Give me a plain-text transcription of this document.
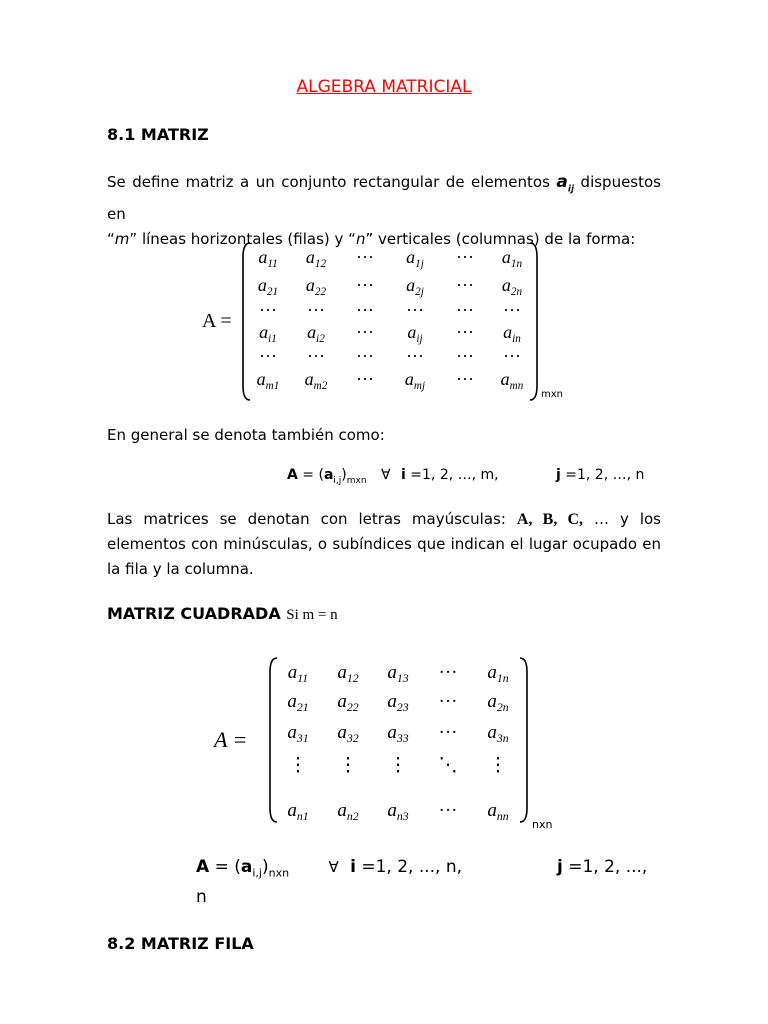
ALGEBRA MATRICIAL
8.1 MATRIZ
Se define matriz a un conjunto rectangular de elementos $a_{ij}$ dispuestos en
“m” líneas horizontales (filas) y “n” verticales (columnas) de la forma:
A =
$a_{11}$ $a_{12}$ ··· $a_{1j}$ ··· $a_{1n}$
$a_{21}$ $a_{22}$ ··· $a_{2j}$ ··· $a_{2n}$
··· ··· ··· ··· ··· ···
$a_{i1}$ $a_{i2}$ ··· $a_{ij}$ ··· $a_{in}$
··· ··· ··· ··· ··· ···
$a_{m1}$ $a_{m2}$ ··· $a_{mj}$ ··· $a_{mn}$
mxn
En general se denota también como:
$A = (a_{i,j})_{mxn}$ ∀ i =1, 2, …, m,	j =1, 2, …, n
Las matrices se denotan con letras mayúsculas: A, B, C, … y los elementos con minúsculas, o subíndices que indican el lugar ocupado en la fila y la columna.
MATRIZ CUADRADA Si m = n
A =
$a_{11}$ $a_{12}$ $a_{13}$ ··· $a_{1n}$
$a_{21}$ $a_{22}$ $a_{23}$ ··· $a_{2n}$
$a_{31}$ $a_{32}$ $a_{33}$ ··· $a_{3n}$
⋮ ⋮ ⋮ ⋱ ⋮
$a_{n1}$ $a_{n2}$ $a_{n3}$ ··· $a_{nn}$
nxn
$A = (a_{i,j})_{nxn}$	∀ i =1, 2, ..., n,	j =1, 2, ...,
n
8.2 MATRIZ FILA
